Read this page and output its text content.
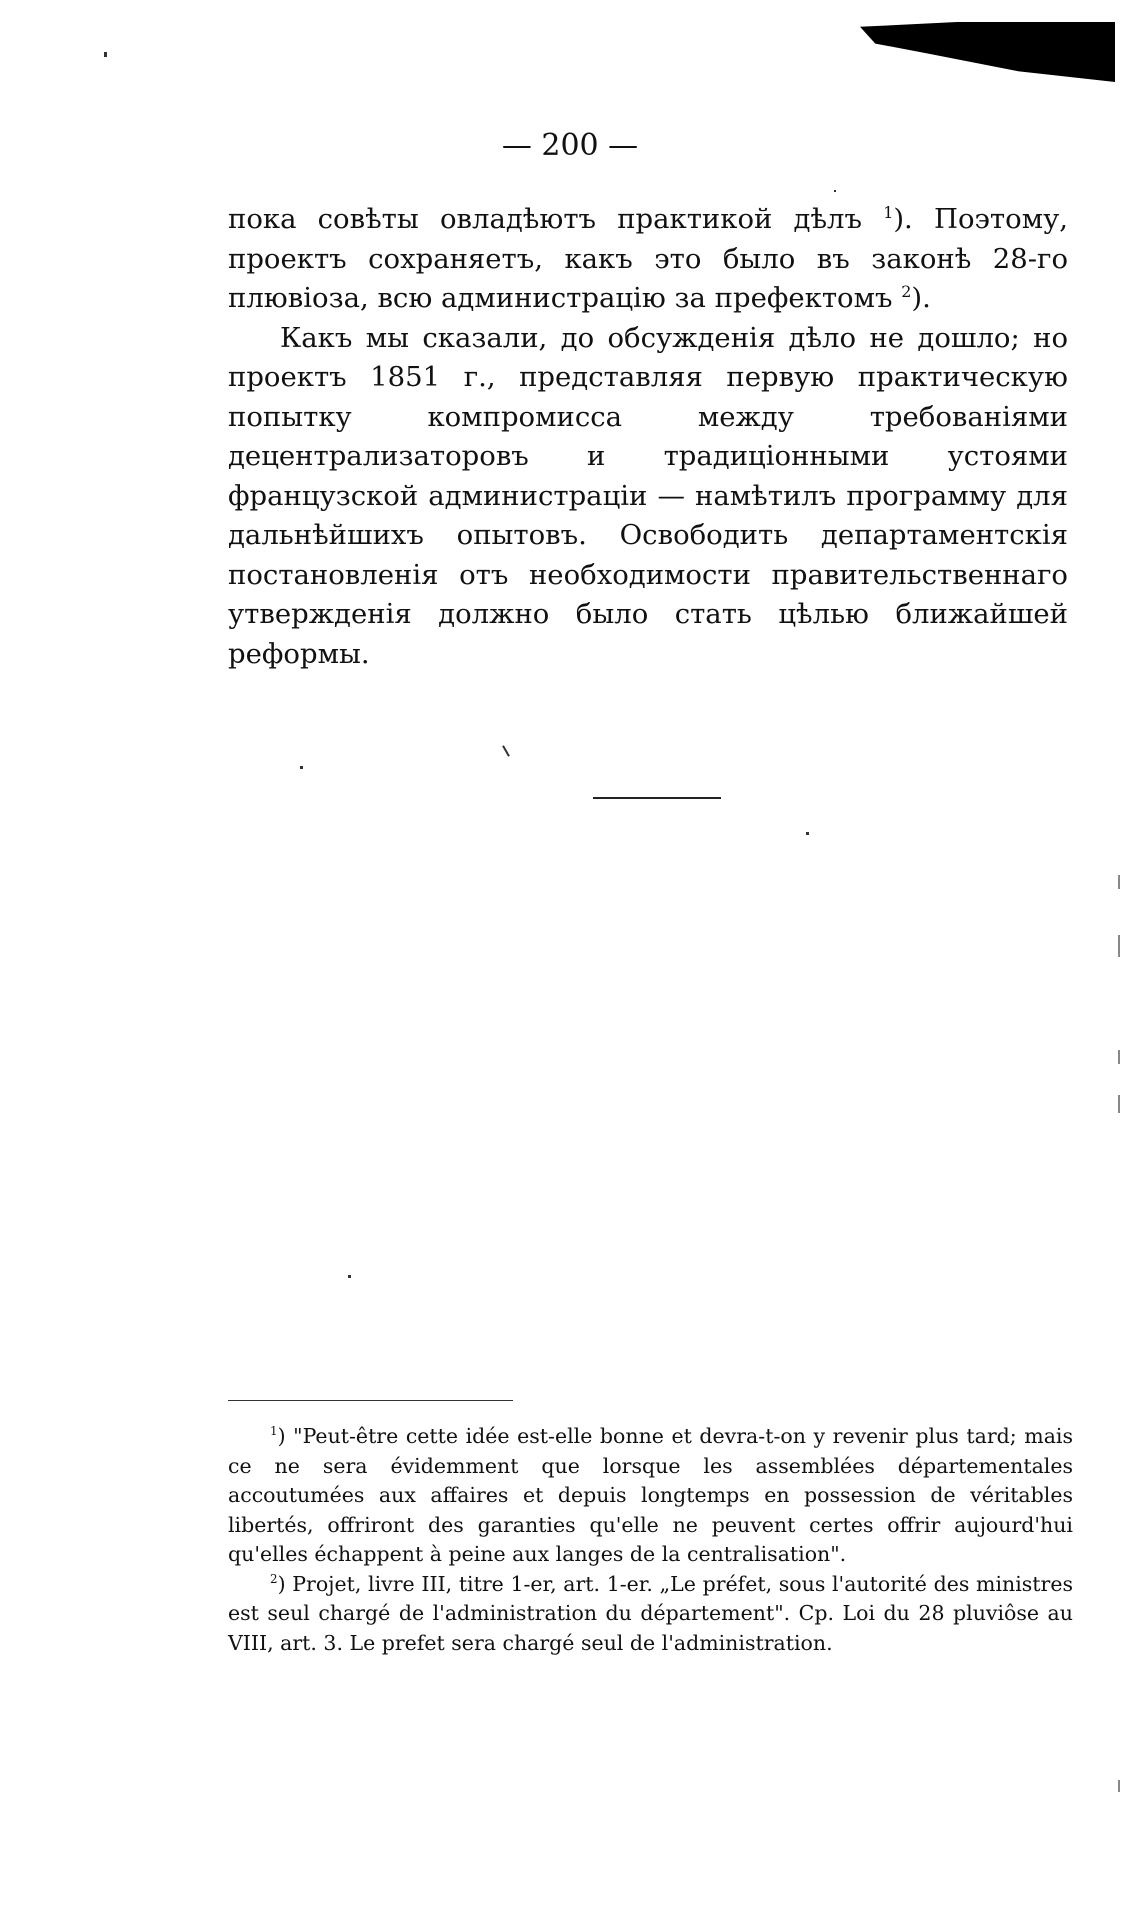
— 200 —

пока совѣты овладѣютъ практикой дѣлъ $^1$). Поэтому, проектъ сохраняетъ, какъ это было въ законѣ 28-го плювіоза, всю администрацію за префектомъ $^2$).

Какъ мы сказали, до обсужденія дѣло не дошло; но проектъ 1851 г., представляя первую практическую попытку компромисса между требованіями децентрализаторовъ и традиціонными устоями французской администраціи — намѣтилъ программу для дальнѣйшихъ опытовъ. Освободить департаментскія постановленія отъ необходимости правительственнаго утвержденія должно было стать цѣлью ближайшей реформы.

$^1$) "Peut-être cette idée est-elle bonne et devra-t-on y revenir plus tard; mais ce ne sera évidemment que lorsque les assemblées départementales accoutumées aux affaires et depuis longtemps en possession de véritables libertés, offriront des garanties qu'elle ne peuvent certes offrir aujourd'hui qu'elles échappent à peine aux langes de la centralisation".

$^2$) Projet, livre III, titre 1-er, art. 1-er. „Le préfet, sous l'autorité des ministres est seul chargé de l'administration du département". Cp. Loi du 28 pluviôse au VIII, art. 3. Le prefet sera chargé seul de l'administration.
